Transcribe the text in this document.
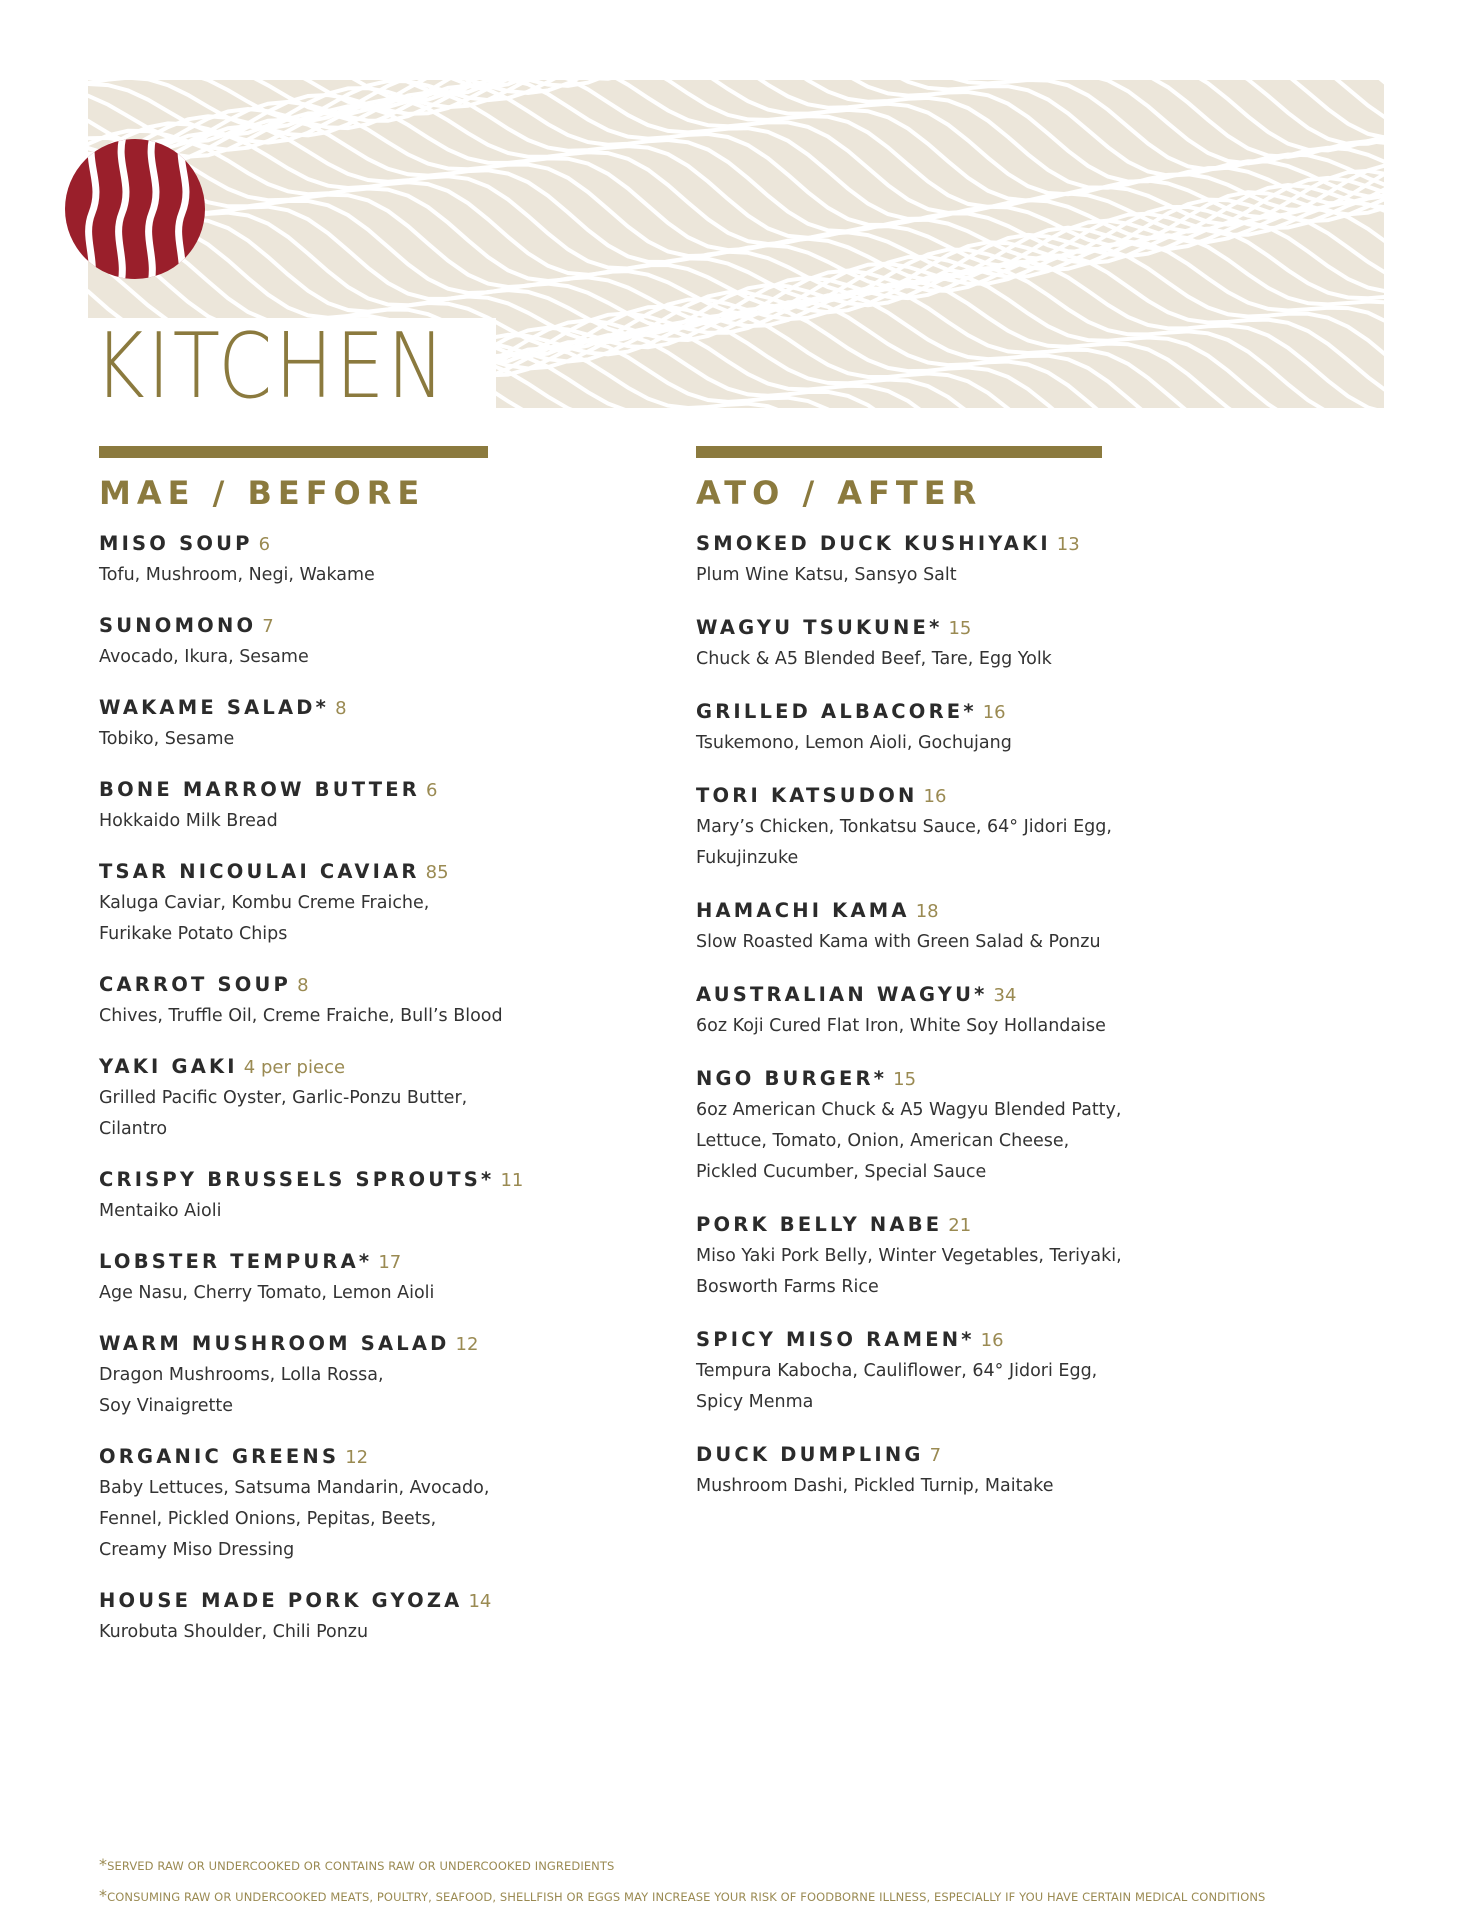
KITCHEN
MAE / BEFORE
MISO SOUP 6
Tofu, Mushroom, Negi, Wakame
SUNOMONO 7
Avocado, Ikura, Sesame
WAKAME SALAD* 8
Tobiko, Sesame
BONE MARROW BUTTER 6
Hokkaido Milk Bread
TSAR NICOULAI CAVIAR 85
Kaluga Caviar, Kombu Creme Fraiche,
Furikake Potato Chips
CARROT SOUP 8
Chives, Truffle Oil, Creme Fraiche, Bull’s Blood
YAKI GAKI 4 per piece
Grilled Pacific Oyster, Garlic-Ponzu Butter,
Cilantro
CRISPY BRUSSELS SPROUTS* 11
Mentaiko Aioli
LOBSTER TEMPURA* 17
Age Nasu, Cherry Tomato, Lemon Aioli
WARM MUSHROOM SALAD 12
Dragon Mushrooms, Lolla Rossa,
Soy Vinaigrette
ORGANIC GREENS 12
Baby Lettuces, Satsuma Mandarin, Avocado,
Fennel, Pickled Onions, Pepitas, Beets,
Creamy Miso Dressing
HOUSE MADE PORK GYOZA 14
Kurobuta Shoulder, Chili Ponzu
ATO / AFTER
SMOKED DUCK KUSHIYAKI 13
Plum Wine Katsu, Sansyo Salt
WAGYU TSUKUNE* 15
Chuck & A5 Blended Beef, Tare, Egg Yolk
GRILLED ALBACORE* 16
Tsukemono, Lemon Aioli, Gochujang
TORI KATSUDON 16
Mary’s Chicken, Tonkatsu Sauce, 64° Jidori Egg,
Fukujinzuke
HAMACHI KAMA 18
Slow Roasted Kama with Green Salad & Ponzu
AUSTRALIAN WAGYU* 34
6oz Koji Cured Flat Iron, White Soy Hollandaise
NGO BURGER* 15
6oz American Chuck & A5 Wagyu Blended Patty,
Lettuce, Tomato, Onion, American Cheese,
Pickled Cucumber, Special Sauce
PORK BELLY NABE 21
Miso Yaki Pork Belly, Winter Vegetables, Teriyaki,
Bosworth Farms Rice
SPICY MISO RAMEN* 16
Tempura Kabocha, Cauliflower, 64° Jidori Egg,
Spicy Menma
DUCK DUMPLING 7
Mushroom Dashi, Pickled Turnip, Maitake
*SERVED RAW OR UNDERCOOKED OR CONTAINS RAW OR UNDERCOOKED INGREDIENTS
*CONSUMING RAW OR UNDERCOOKED MEATS, POULTRY, SEAFOOD, SHELLFISH OR EGGS MAY INCREASE YOUR RISK OF FOODBORNE ILLNESS, ESPECIALLY IF YOU HAVE CERTAIN MEDICAL CONDITIONS
